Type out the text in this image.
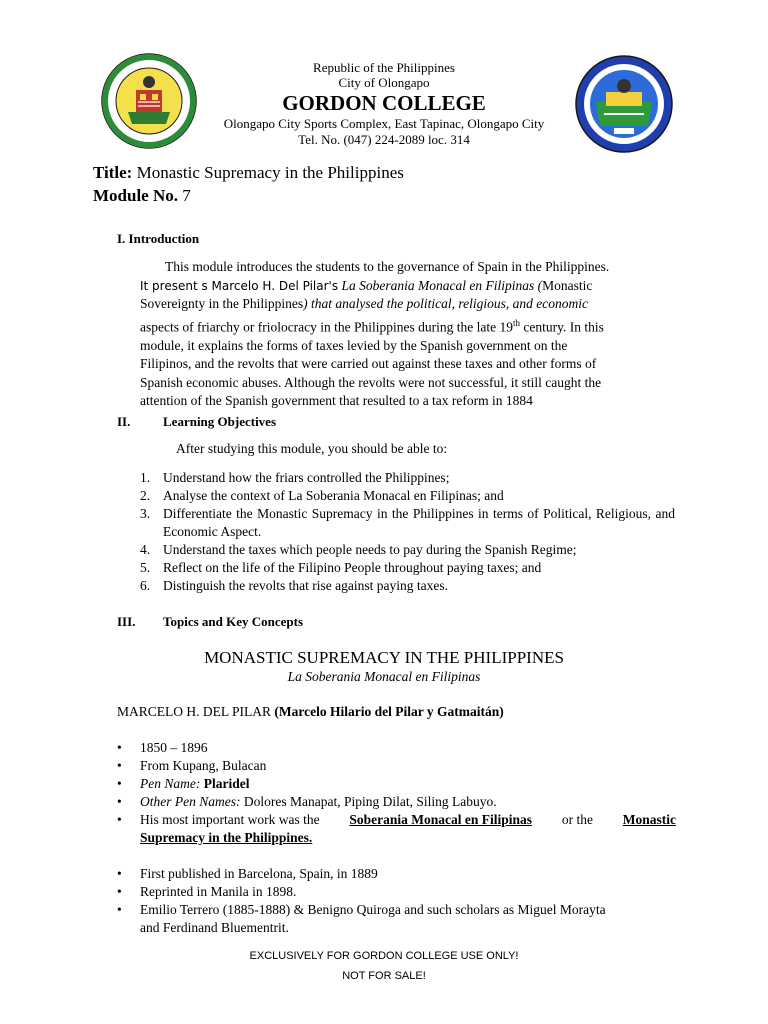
Republic of the Philippines
City of Olongapo
GORDON COLLEGE
Olongapo City Sports Complex, East Tapinac, Olongapo City
Tel. No. (047) 224-2089 loc. 314
Title: Monastic Supremacy in the Philippines
Module No. 7
I. Introduction
This module introduces the students to the governance of Spain in the Philippines.
It present s Marcelo H. Del Pilar's La Soberania Monacal en Filipinas (Monastic
Sovereignty in the Philippines) that analysed the political, religious, and economic
aspects of friarchy or friolocracy in the Philippines during the late 19th century. In this
module, it explains the forms of taxes levied by the Spanish government on the
Filipinos, and the revolts that were carried out against these taxes and other forms of
Spanish economic abuses. Although the revolts were not successful, it still caught the
attention of the Spanish government that resulted to a tax reform in 1884
II.	Learning Objectives
After studying this module, you should be able to:
1. Understand how the friars controlled the Philippines;
2. Analyse the context of La Soberania Monacal en Filipinas; and
3. Differentiate the Monastic Supremacy in the Philippines in terms of Political, Religious, and Economic Aspect.
4. Understand the taxes which people needs to pay during the Spanish Regime;
5. Reflect on the life of the Filipino People throughout paying taxes; and
6. Distinguish the revolts that rise against paying taxes.
III. Topics and Key Concepts
MONASTIC SUPREMACY IN THE PHILIPPINES
La Soberania Monacal en Filipinas
MARCELO H. DEL PILAR (Marcelo Hilario del Pilar y Gatmaitán)
• 1850 – 1896
• From Kupang, Bulacan
• Pen Name: Plaridel
• Other Pen Names: Dolores Manapat, Piping Dilat, Siling Labuyo.
• His most important work was the Soberania Monacal en Filipinas or the Monastic
Supremacy in the Philippines.
• First published in Barcelona, Spain, in 1889
• Reprinted in Manila in 1898.
• Emilio Terrero (1885-1888) & Benigno Quiroga and such scholars as Miguel Morayta
and Ferdinand Bluementrit.
EXCLUSIVELY FOR GORDON COLLEGE USE ONLY!
NOT FOR SALE!
